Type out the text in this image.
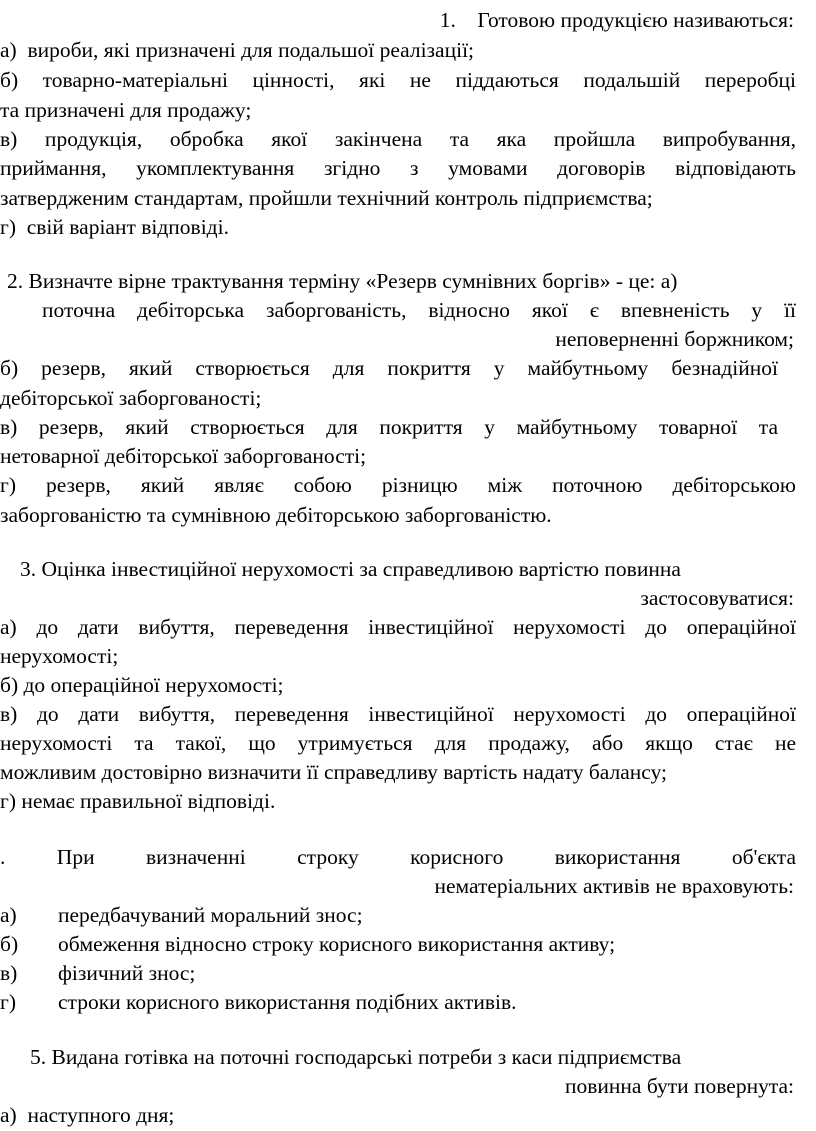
1. Готовою продукцією називаються:
а) вироби, які призначені для подальшої реалізації;
б) товарно-матеріальні цінності, які не піддаються подальшій переробці
та призначені для продажу;
в) продукція, обробка якої закінчена та яка пройшла випробування,
приймання, укомплектування згідно з умовами договорів відповідають
затвердженим стандартам, пройшли технічний контроль підприємства;
г) свій варіант відповіді.
2. Визначте вірне трактування терміну «Резерв сумнівних боргів» - це: а)
поточна дебіторська заборгованість, відносно якої є впевненість у її
неповерненні боржником;
б) резерв, який створюється для покриття у майбутньому безнадійної
дебіторської заборгованості;
в) резерв, який створюється для покриття у майбутньому товарної та
нетоварної дебіторської заборгованості;
г) резерв, який являє собою різницю між поточною дебіторською
заборгованістю та сумнівною дебіторською заборгованістю.
3. Оцінка інвестиційної нерухомості за справедливою вартістю повинна
застосовуватися:
а) до дати вибуття, переведення інвестиційної нерухомості до операційної
нерухомості;
б) до операційної нерухомості;
в) до дати вибуття, переведення інвестиційної нерухомості до операційної
нерухомості та такої, що утримується для продажу, або якщо стає не
можливим достовірно визначити її справедливу вартість надату балансу;
г) немає правильної відповіді.
. При визначенні строку корисного використання об'єкта
нематеріальних активів не враховують:
а) передбачуваний моральний знос;
б) обмеження відносно строку корисного використання активу;
в) фізичний знос;
г) строки корисного використання подібних активів.
5. Видана готівка на поточні господарські потреби з каси підприємства
повинна бути повернута:
а) наступного дня;
